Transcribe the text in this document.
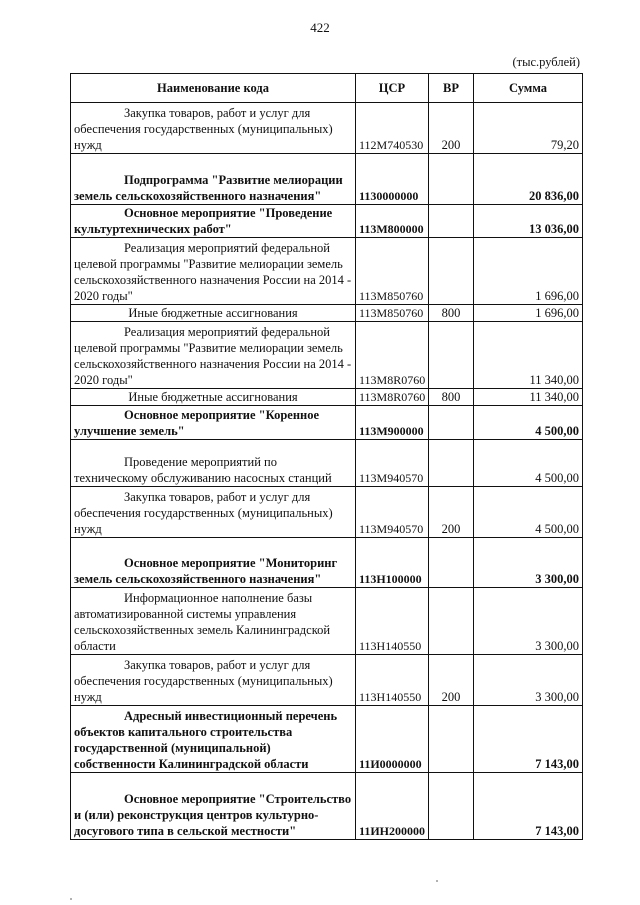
422
(тыс.рублей)
Наименование кода	ЦСР	ВР	Сумма
Закупка товаров, работ и услуг для обеспечения государственных (муниципальных) нужд	112M740530	200	79,20
Подпрограмма "Развитие мелиорации земель сельскохозяйственного назначения"	1130000000		20 836,00
Основное мероприятие "Проведение культуртехнических работ"	113M800000		13 036,00
Реализация мероприятий федеральной целевой программы "Развитие мелиорации земель сельскохозяйственного назначения России на 2014 - 2020 годы"	113M850760		1 696,00
Иные бюджетные ассигнования	113M850760	800	1 696,00
Реализация мероприятий федеральной целевой программы "Развитие мелиорации земель сельскохозяйственного назначения России на 2014 - 2020 годы"	113M8R0760		11 340,00
Иные бюджетные ассигнования	113M8R0760	800	11 340,00
Основное мероприятие "Коренное улучшение земель"	113M900000		4 500,00
Проведение мероприятий по техническому обслуживанию насосных станций	113M940570		4 500,00
Закупка товаров, работ и услуг для обеспечения государственных (муниципальных) нужд	113M940570	200	4 500,00
Основное мероприятие "Мониторинг земель сельскохозяйственного назначения"	113H100000		3 300,00
Информационное наполнение базы автоматизированной системы управления сельскохозяйственных земель Калининградской области	113H140550		3 300,00
Закупка товаров, работ и услуг для обеспечения государственных (муниципальных) нужд	113H140550	200	3 300,00
Адресный инвестиционный перечень объектов капитального строительства государственной (муниципальной) собственности Калининградской области	11И0000000		7 143,00
Основное мероприятие "Строительство и (или) реконструкция центров культурно-досугового типа в сельской местности"	11ИН200000		7 143,00
